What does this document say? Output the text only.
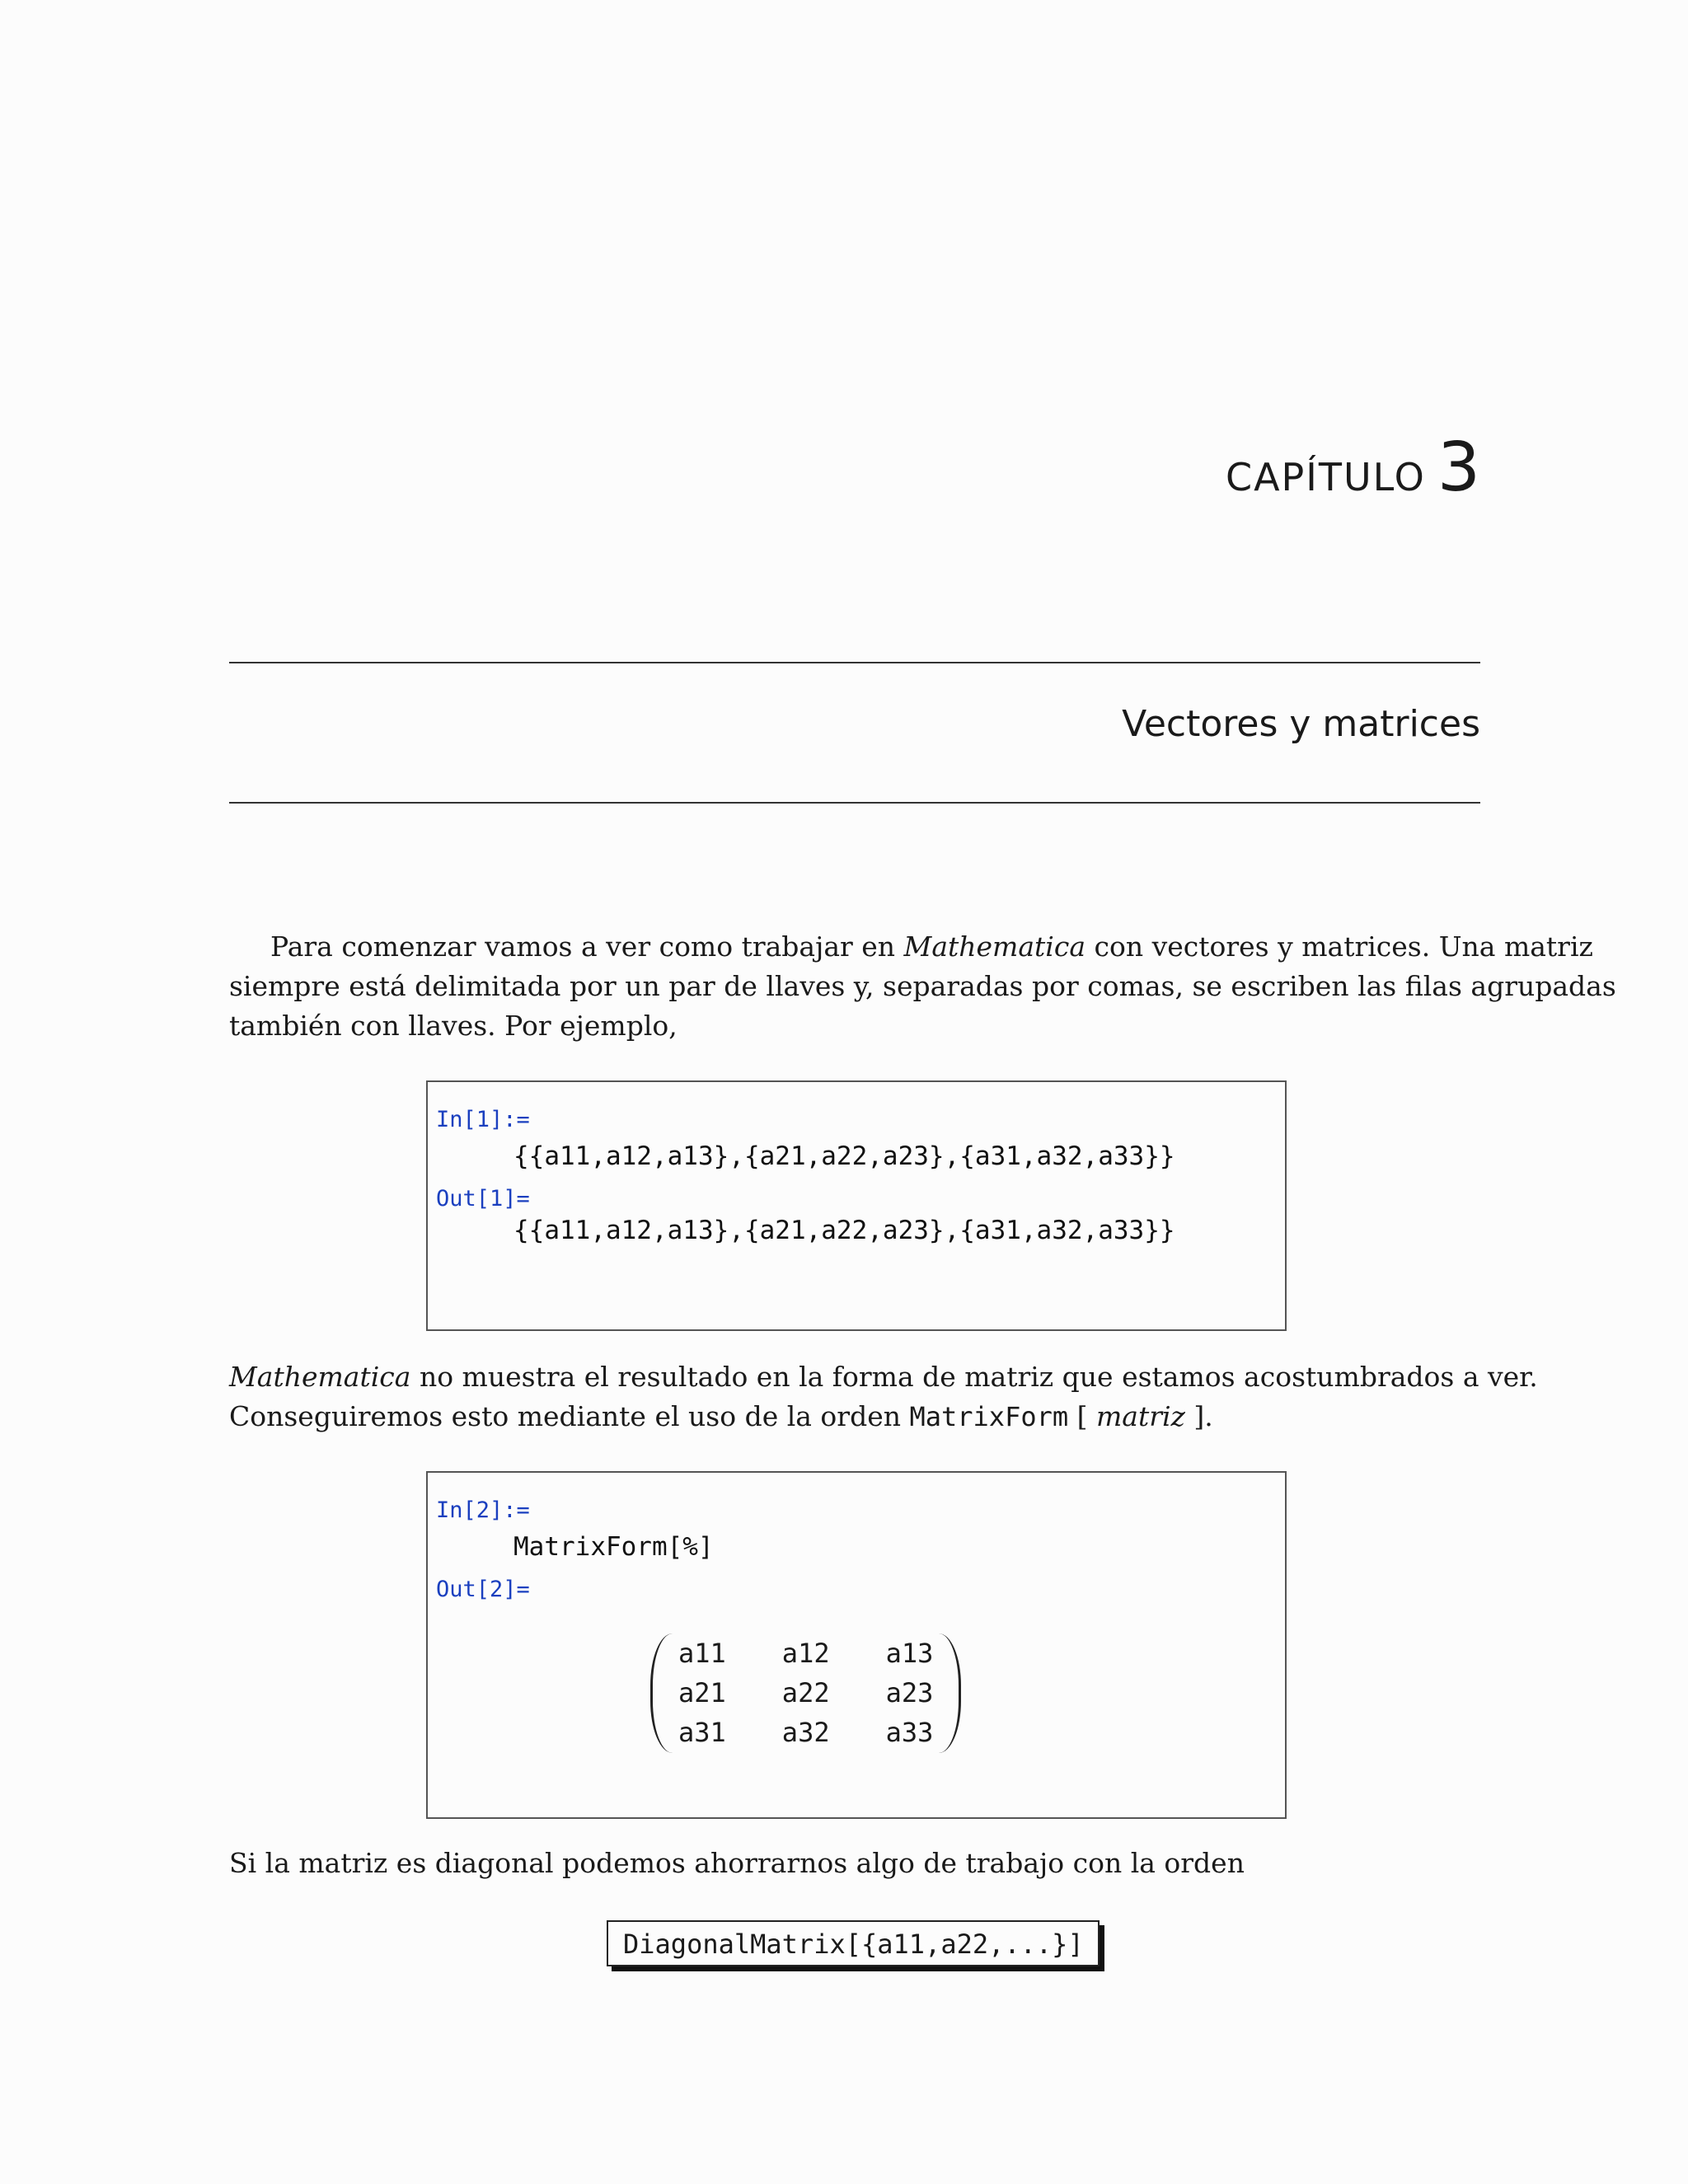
CAPÍTULO 3
Vectores y matrices
Para comenzar vamos a ver como trabajar en Mathematica con vectores y matrices. Una matriz
siempre está delimitada por un par de llaves y, separadas por comas, se escriben las filas agrupadas
también con llaves. Por ejemplo,
In[1]:=
{{a11,a12,a13},{a21,a22,a23},{a31,a32,a33}}
Out[1]=
{{a11,a12,a13},{a21,a22,a23},{a31,a32,a33}}
Mathematica no muestra el resultado en la forma de matriz que estamos acostumbrados a ver.
Conseguiremos esto mediante el uso de la orden MatrixForm [ matriz ].
In[2]:=
MatrixForm[%]
Out[2]=
a11	a12	a13
a21	a22	a23
a31	a32	a33
Si la matriz es diagonal podemos ahorrarnos algo de trabajo con la orden
DiagonalMatrix[{a11,a22,...}]
